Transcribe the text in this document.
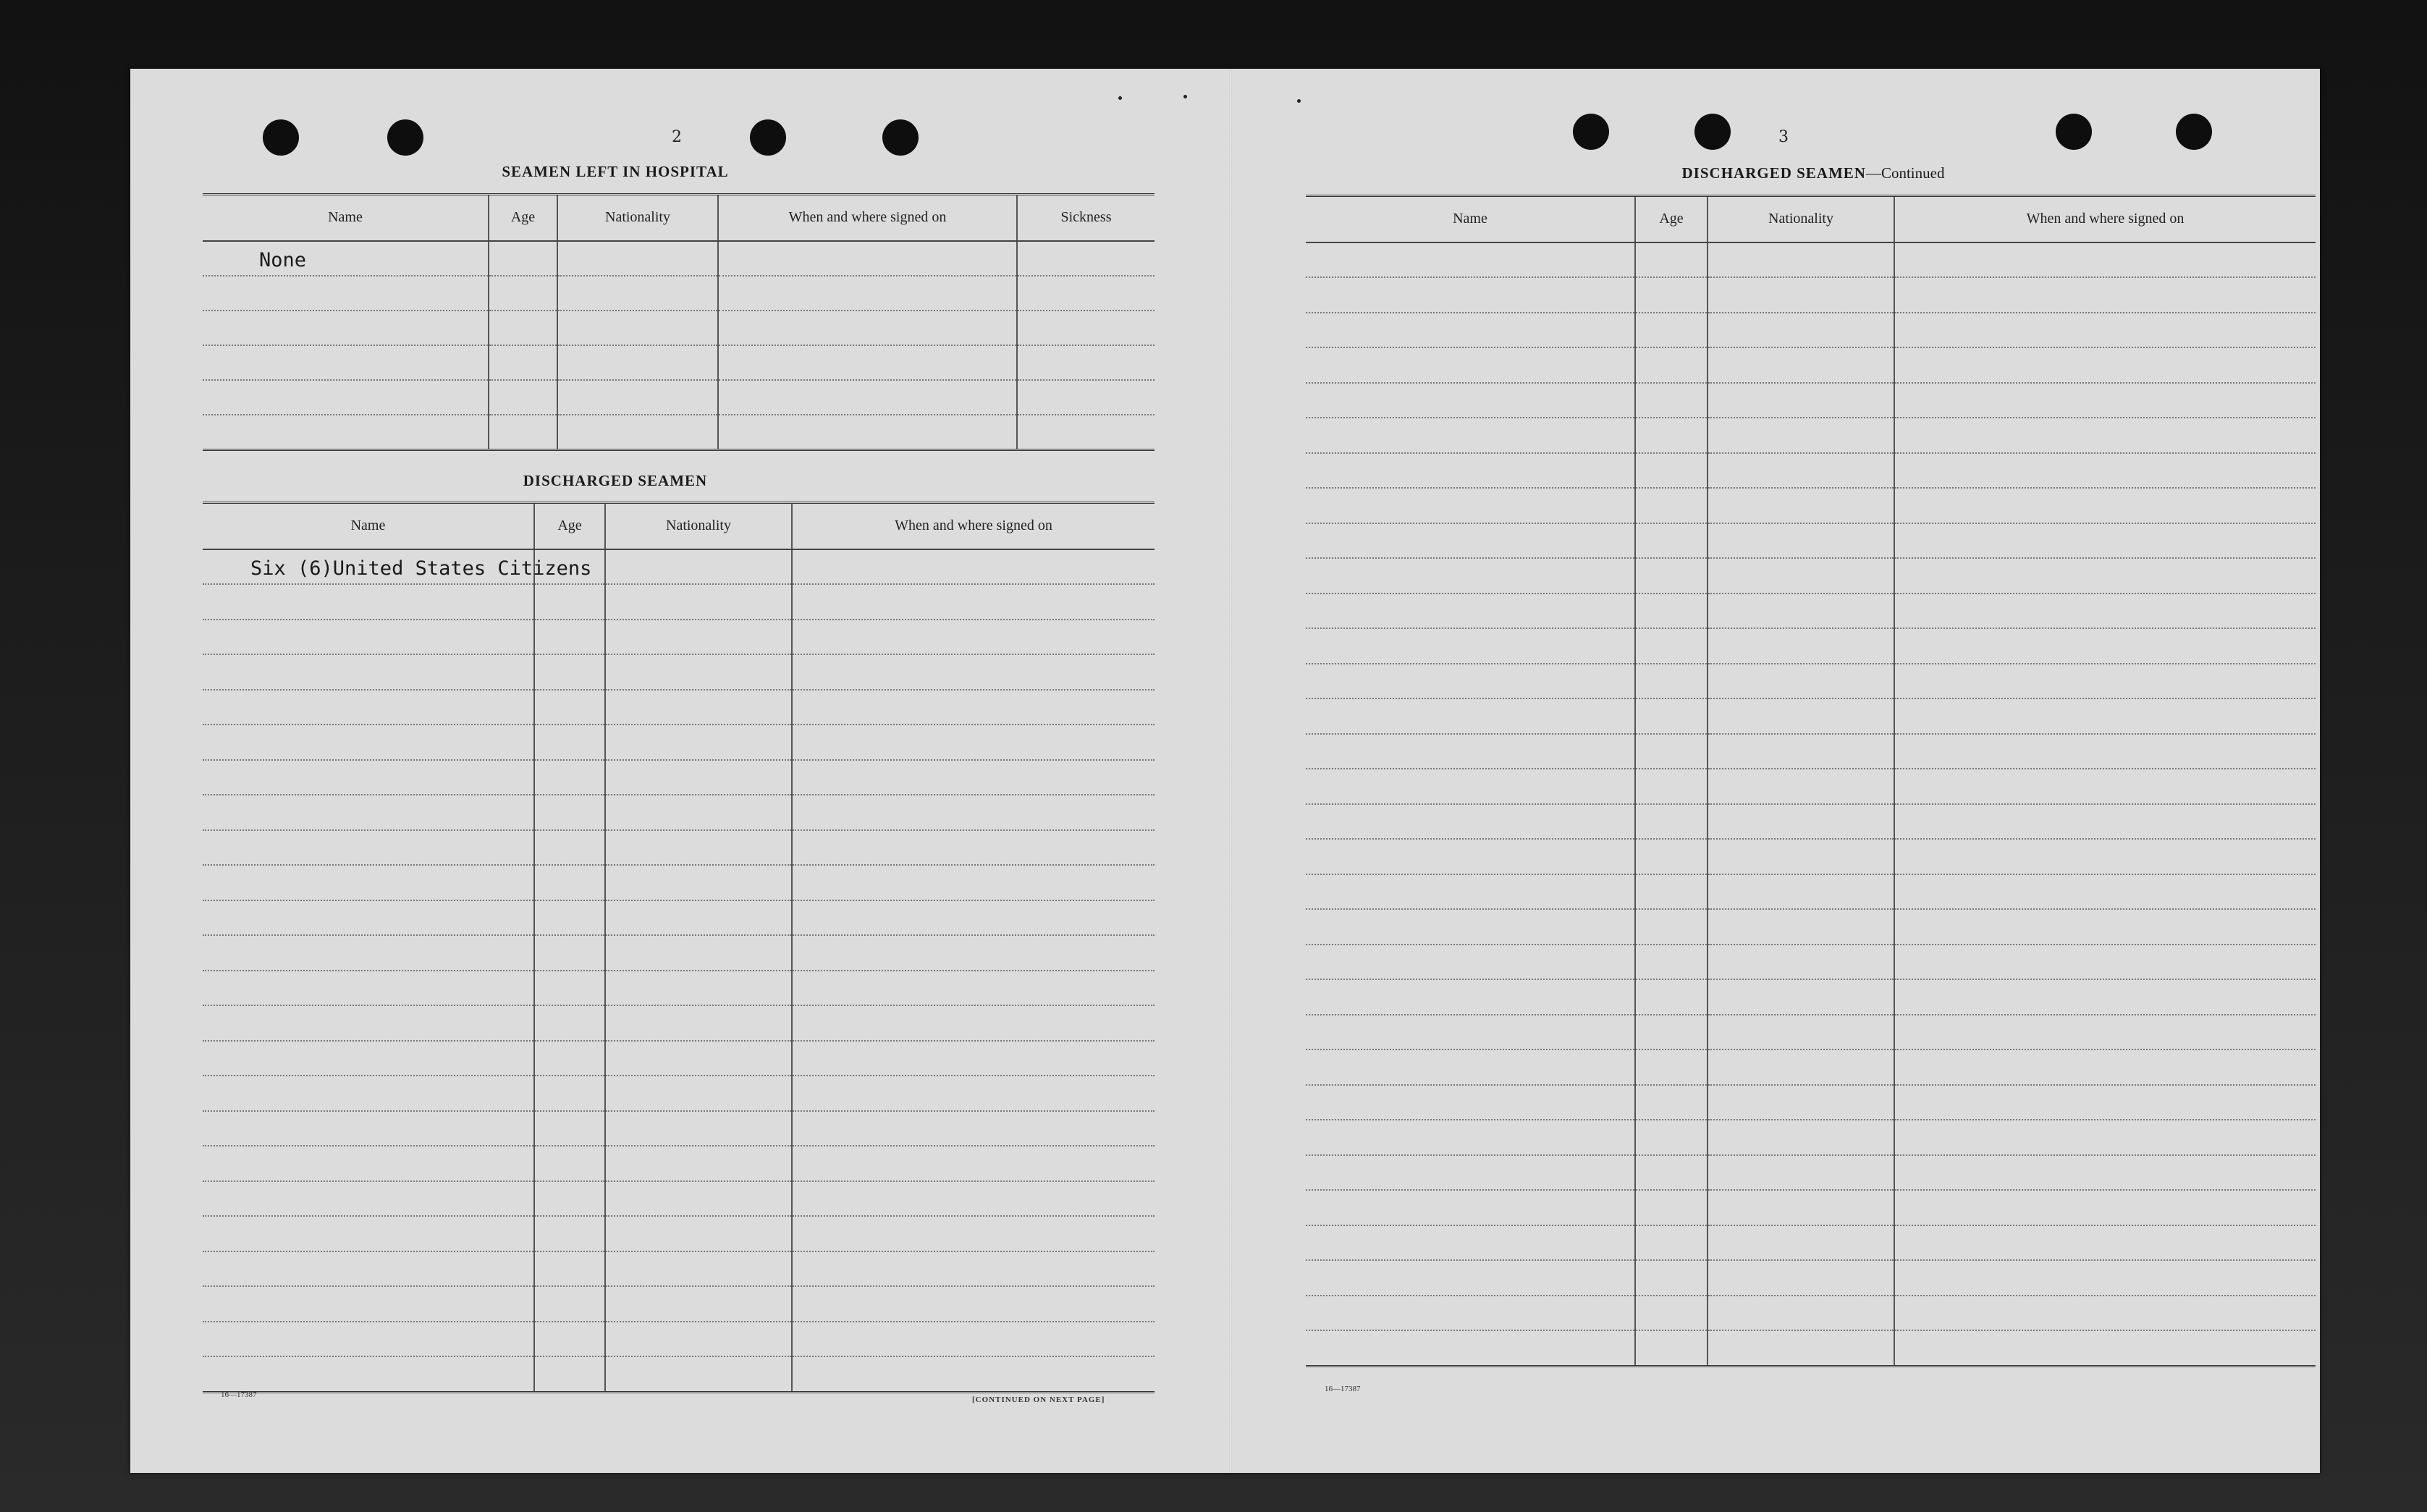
2
SEAMEN LEFT IN HOSPITAL
Name	Age	Nationality	When and where signed on	Sickness

None				

DISCHARGED SEAMEN
Name	Age	Nationality	When and where signed on

Six (6)United States Citizens			

16—17387
[CONTINUED ON NEXT PAGE]
3
DISCHARGED SEAMEN—Continued
Name	Age	Nationality	When and where signed on

16—17387
